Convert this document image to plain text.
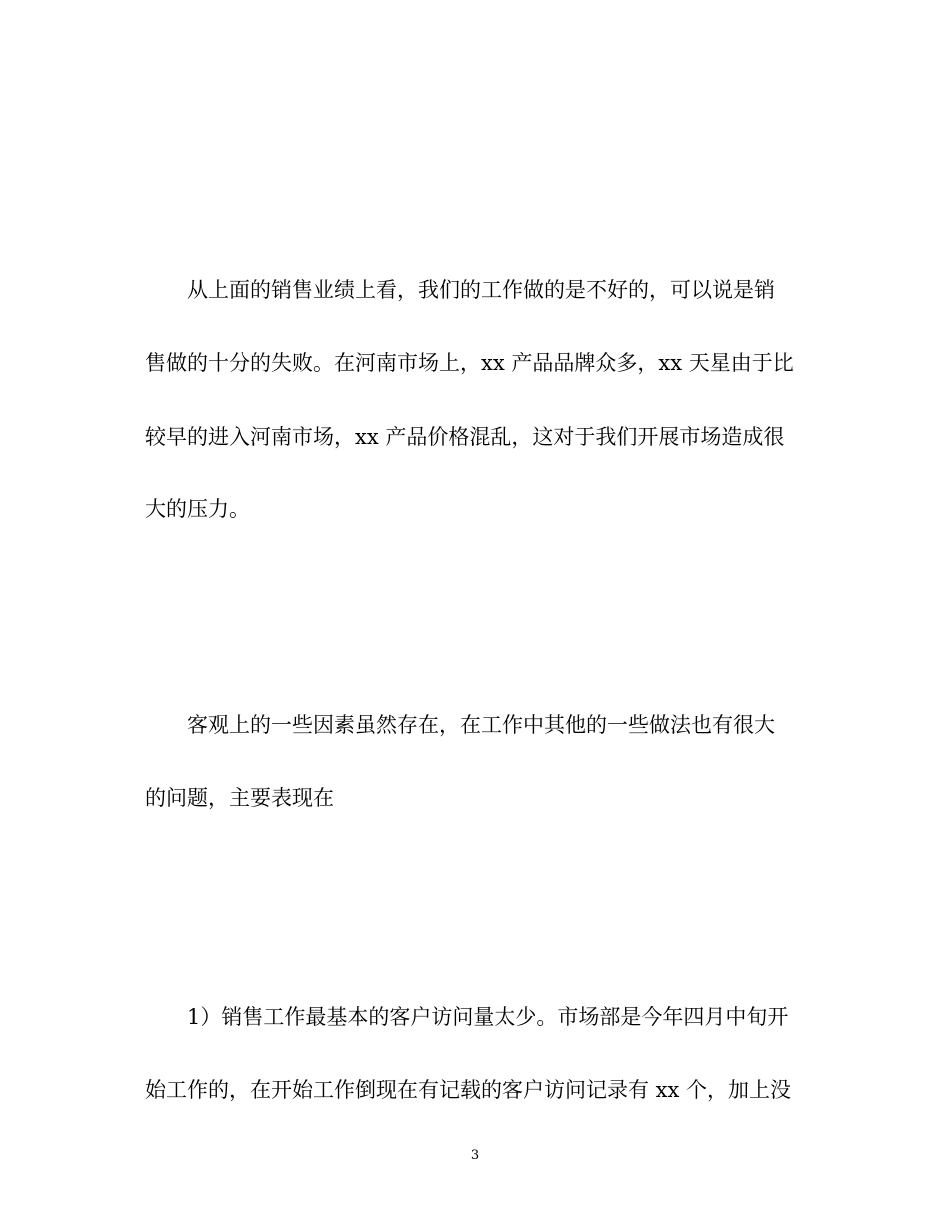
从上面的销售业绩上看，我们的工作做的是不好的，可以说是销
售做的十分的失败。在河南市场上，xx 产品品牌众多，xx 天星由于比
较早的进入河南市场，xx 产品价格混乱，这对于我们开展市场造成很
大的压力。
客观上的一些因素虽然存在，在工作中其他的一些做法也有很大
的问题，主要表现在
1）销售工作最基本的客户访问量太少。市场部是今年四月中旬开
始工作的，在开始工作倒现在有记载的客户访问记录有 xx 个，加上没
3
